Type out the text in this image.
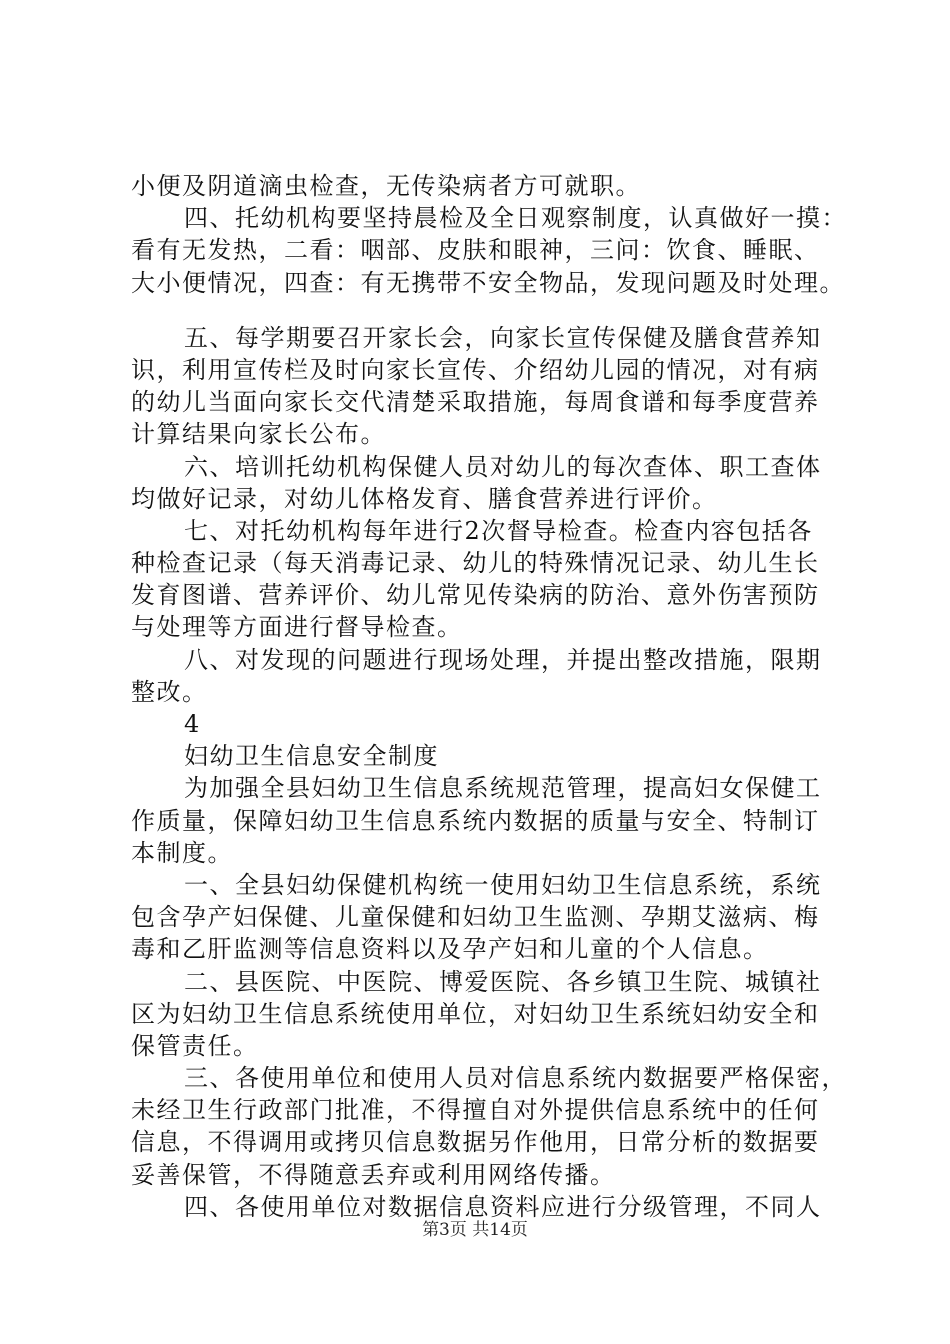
小便及阴道滴虫检查，无传染病者方可就职。
四、托幼机构要坚持晨检及全日观察制度，认真做好一摸：
看有无发热，二看：咽部、皮肤和眼神，三问：饮食、睡眠、
大小便情况，四查：有无携带不安全物品，发现问题及时处理。
五、每学期要召开家长会，向家长宣传保健及膳食营养知
识，利用宣传栏及时向家长宣传、介绍幼儿园的情况，对有病
的幼儿当面向家长交代清楚采取措施，每周食谱和每季度营养
计算结果向家长公布。
六、培训托幼机构保健人员对幼儿的每次查体、职工查体
均做好记录，对幼儿体格发育、膳食营养进行评价。
七、对托幼机构每年进行2次督导检查。检查内容包括各
种检查记录（每天消毒记录、幼儿的特殊情况记录、幼儿生长
发育图谱、营养评价、幼儿常见传染病的防治、意外伤害预防
与处理等方面进行督导检查。
八、对发现的问题进行现场处理，并提出整改措施，限期
整改。
4
妇幼卫生信息安全制度
为加强全县妇幼卫生信息系统规范管理，提高妇女保健工
作质量，保障妇幼卫生信息系统内数据的质量与安全、特制订
本制度。
一、全县妇幼保健机构统一使用妇幼卫生信息系统，系统
包含孕产妇保健、儿童保健和妇幼卫生监测、孕期艾滋病、梅
毒和乙肝监测等信息资料以及孕产妇和儿童的个人信息。
二、县医院、中医院、博爱医院、各乡镇卫生院、城镇社
区为妇幼卫生信息系统使用单位，对妇幼卫生系统妇幼安全和
保管责任。
三、各使用单位和使用人员对信息系统内数据要严格保密，
未经卫生行政部门批准，不得擅自对外提供信息系统中的任何
信息，不得调用或拷贝信息数据另作他用，日常分析的数据要
妥善保管，不得随意丢弃或利用网络传播。
四、各使用单位对数据信息资料应进行分级管理，不同人
第3页 共14页
